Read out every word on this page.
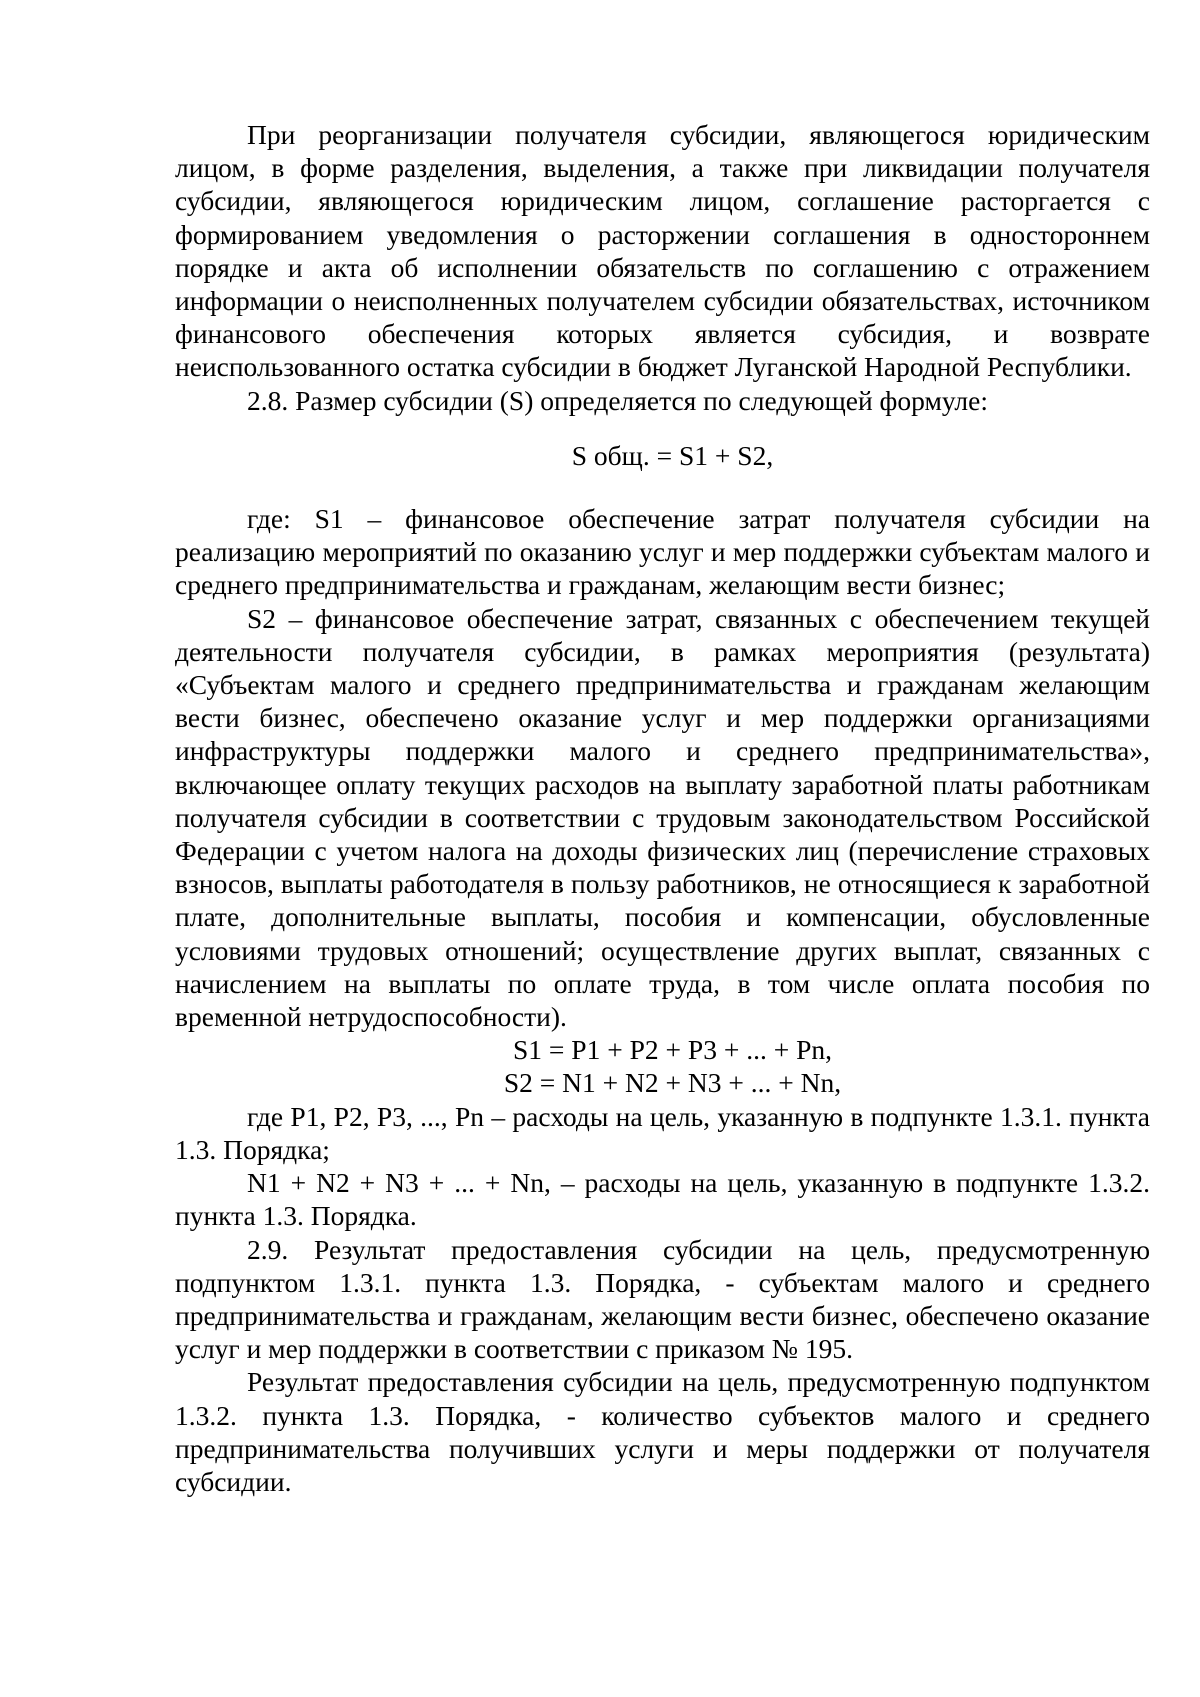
При реорганизации получателя субсидии, являющегося юридическим лицом, в форме разделения, выделения, а также при ликвидации получателя субсидии, являющегося юридическим лицом, соглашение расторгается с формированием уведомления о расторжении соглашения в одностороннем порядке и акта об исполнении обязательств по соглашению с отражением информации о неисполненных получателем субсидии обязательствах, источником финансового обеспечения которых является субсидия, и возврате неиспользованного остатка субсидии в бюджет Луганской Народной Республики.

2.8. Размер субсидии (S) определяется по следующей формуле:

S общ. = S1 + S2,

где: S1 – финансовое обеспечение затрат получателя субсидии на реализацию мероприятий по оказанию услуг и мер поддержки субъектам малого и среднего предпринимательства и гражданам, желающим вести бизнес;

S2 – финансовое обеспечение затрат, связанных с обеспечением текущей деятельности получателя субсидии, в рамках мероприятия (результата) «Субъектам малого и среднего предпринимательства и гражданам желающим вести бизнес, обеспечено оказание услуг и мер поддержки организациями инфраструктуры поддержки малого и среднего предпринимательства», включающее оплату текущих расходов на выплату заработной платы работникам получателя субсидии в соответствии с трудовым законодательством Российской Федерации с учетом налога на доходы физических лиц (перечисление страховых взносов, выплаты работодателя в пользу работников, не относящиеся к заработной плате, дополнительные выплаты, пособия и компенсации, обусловленные условиями трудовых отношений; осуществление других выплат, связанных с начислением на выплаты по оплате труда, в том числе оплата пособия по временной нетрудоспособности).

S1 = P1 + P2 + P3 + ... + Pn,

S2 = N1 + N2 + N3 + ... + Nn,

где P1, P2, P3, ..., Pn – расходы на цель, указанную в подпункте 1.3.1. пункта 1.3. Порядка;

N1 + N2 + N3 + ... + Nn, – расходы на цель, указанную в подпункте 1.3.2. пункта 1.3. Порядка.

2.9. Результат предоставления субсидии на цель, предусмотренную подпунктом 1.3.1. пункта 1.3. Порядка, - субъектам малого и среднего предпринимательства и гражданам, желающим вести бизнес, обеспечено оказание услуг и мер поддержки в соответствии с приказом № 195.

Результат предоставления субсидии на цель, предусмотренную подпунктом 1.3.2. пункта 1.3. Порядка, - количество субъектов малого и среднего предпринимательства получивших услуги и меры поддержки от получателя субсидии.
